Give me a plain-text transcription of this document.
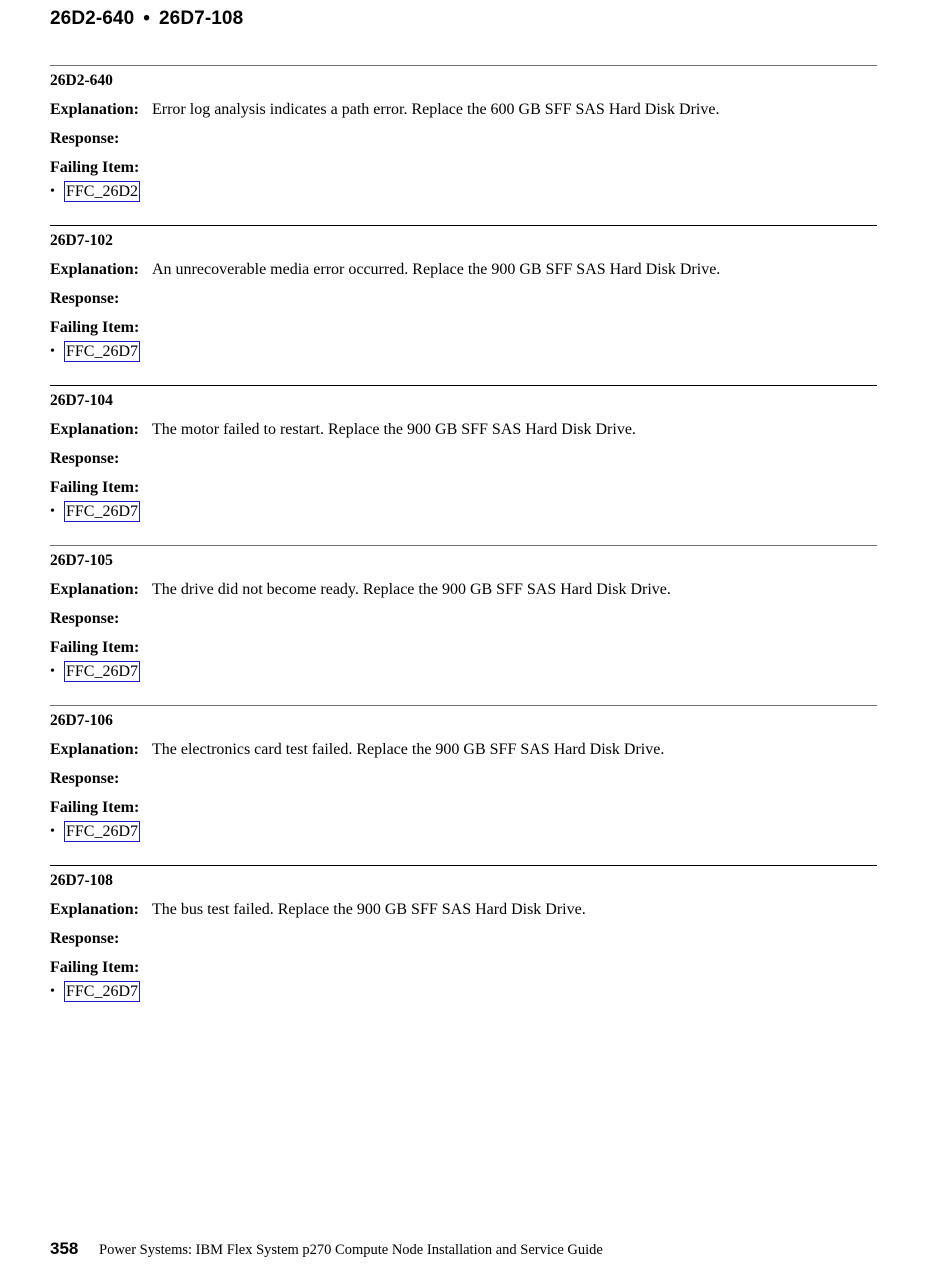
26D2-640 • 26D7-108
26D2-640
Explanation: Error log analysis indicates a path error. Replace the 600 GB SFF SAS Hard Disk Drive.
Response:
Failing Item:
• FFC_26D2
26D7-102
Explanation: An unrecoverable media error occurred. Replace the 900 GB SFF SAS Hard Disk Drive.
Response:
Failing Item:
• FFC_26D7
26D7-104
Explanation: The motor failed to restart. Replace the 900 GB SFF SAS Hard Disk Drive.
Response:
Failing Item:
• FFC_26D7
26D7-105
Explanation: The drive did not become ready. Replace the 900 GB SFF SAS Hard Disk Drive.
Response:
Failing Item:
• FFC_26D7
26D7-106
Explanation: The electronics card test failed. Replace the 900 GB SFF SAS Hard Disk Drive.
Response:
Failing Item:
• FFC_26D7
26D7-108
Explanation: The bus test failed. Replace the 900 GB SFF SAS Hard Disk Drive.
Response:
Failing Item:
• FFC_26D7
358	Power Systems: IBM Flex System p270 Compute Node Installation and Service Guide
